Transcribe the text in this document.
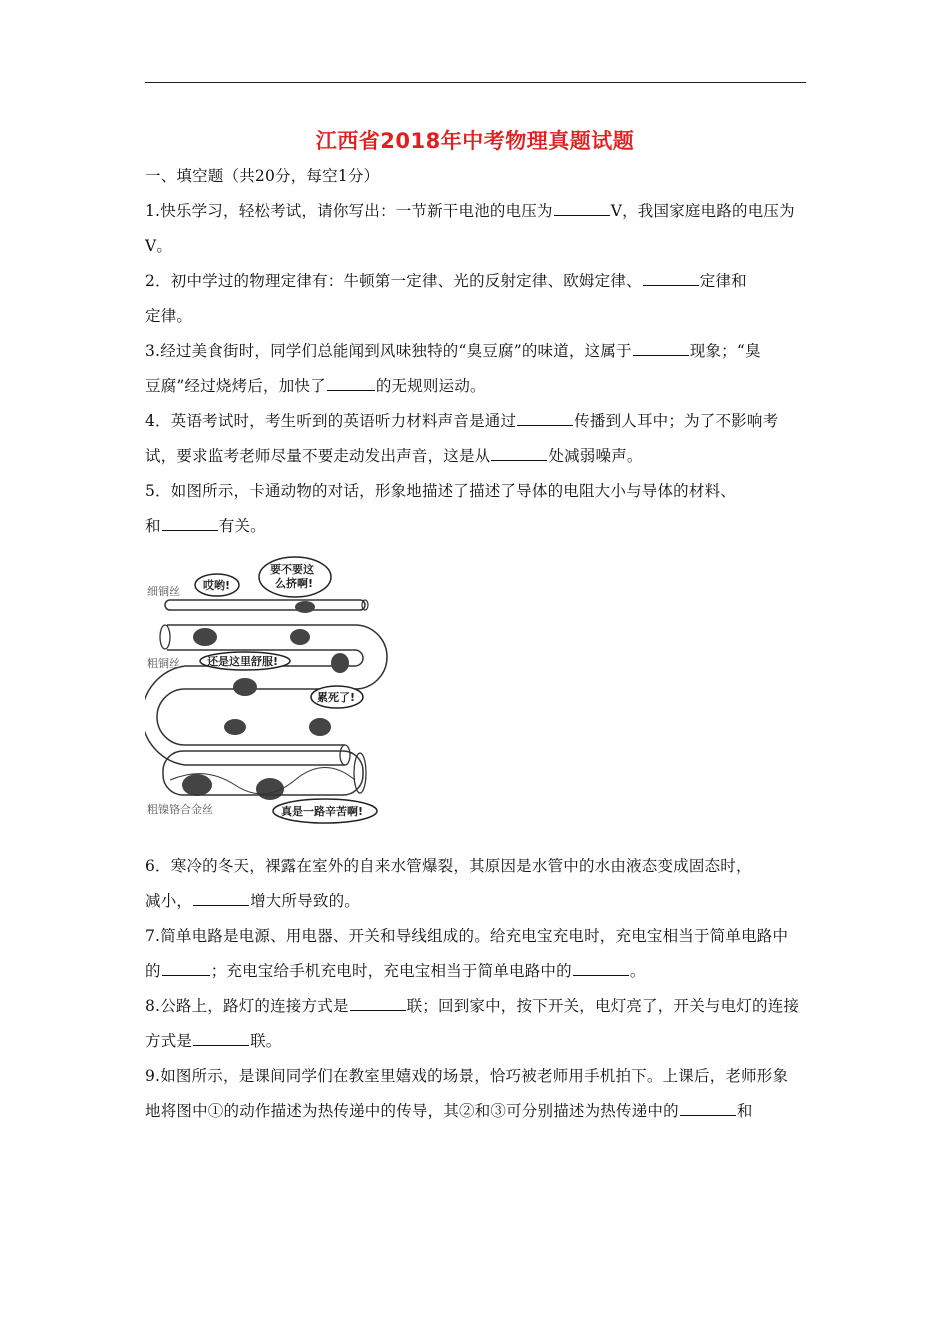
江西省2018年中考物理真题试题
一、填空题（共20分，每空1分）
1.快乐学习，轻松考试，请你写出：一节新干电池的电压为	V，我国家庭电路的电压为
V。
2．初中学过的物理定律有：牛顿第一定律、光的反射定律、欧姆定律、	定律和
定律。
3.经过美食街时，同学们总能闻到风味独特的“臭豆腐”的味道，这属于	现象；“臭
豆腐”经过烧烤后，加快了	的无规则运动。
4．英语考试时，考生听到的英语听力材料声音是通过	传播到人耳中；为了不影响考
试，要求监考老师尽量不要走动发出声音，这是从	处减弱噪声。
5．如图所示，卡通动物的对话，形象地描述了描述了导体的电阻大小与导体的材料、
和	有关。
细铜丝 哎哟!
要不要这
么挤啊!
粗铜丝 还是这里舒服!
累死了!
粗镍铬合金丝	真是一路辛苦啊!
6．寒冷的冬天，裸露在室外的自来水管爆裂，其原因是水管中的水由液态变成固态时，
减小，	增大所导致的。
7.简单电路是电源、用电器、开关和导线组成的。给充电宝充电时，充电宝相当于简单电路中
的	；充电宝给手机充电时，充电宝相当于简单电路中的	。
8.公路上，路灯的连接方式是	联；回到家中，按下开关，电灯亮了，开关与电灯的连接
方式是	联。
9.如图所示，是课间同学们在教室里嬉戏的场景，恰巧被老师用手机拍下。上课后，老师形象
地将图中①的动作描述为热传递中的传导，其②和③可分别描述为热传递中的	和
